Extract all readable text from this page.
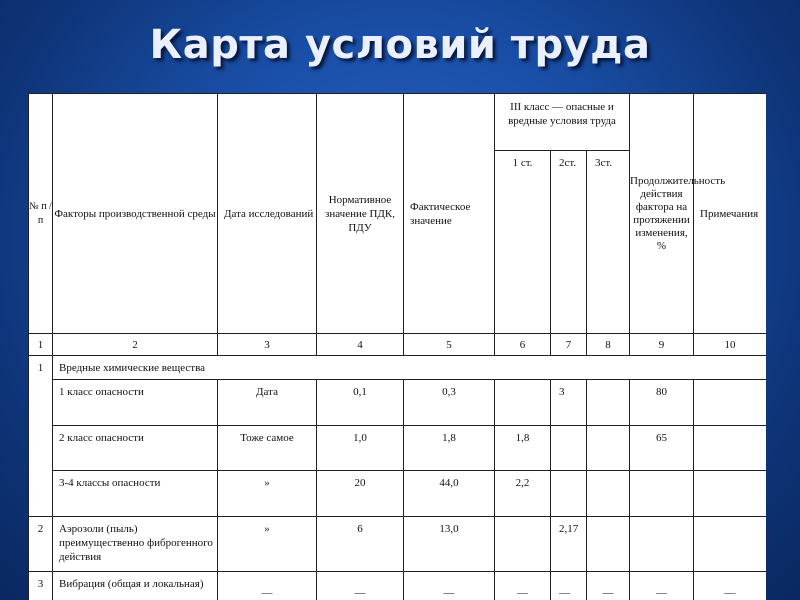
Карта условий труда
№ п / п	Факторы производственной среды	Дата исследований	Нормативное значение ПДК, ПДУ	Фактическое значение	III класс — опасные и вредные условия труда			Продолжительность действия фактора на протяжении изменения, %	Примечания
					1 ст.	2ст.	3ст.		
1	2	3	4	5	6	7	8	9	10
1	Вредные химические вещества								
	1 класс опасности	Дата	0,1	0,3		3		80	
	2 класс опасности	Тоже самое	1,0	1,8	1,8			65	
	3-4 классы опасности	»	20	44,0	2,2				
2	Аэрозоли (пыль) преимущественно фиброгенного действия	»	6	13,0		2,17			
3	Вибрация (общая и локальная)	—	—	—	—	—	—	—	—
